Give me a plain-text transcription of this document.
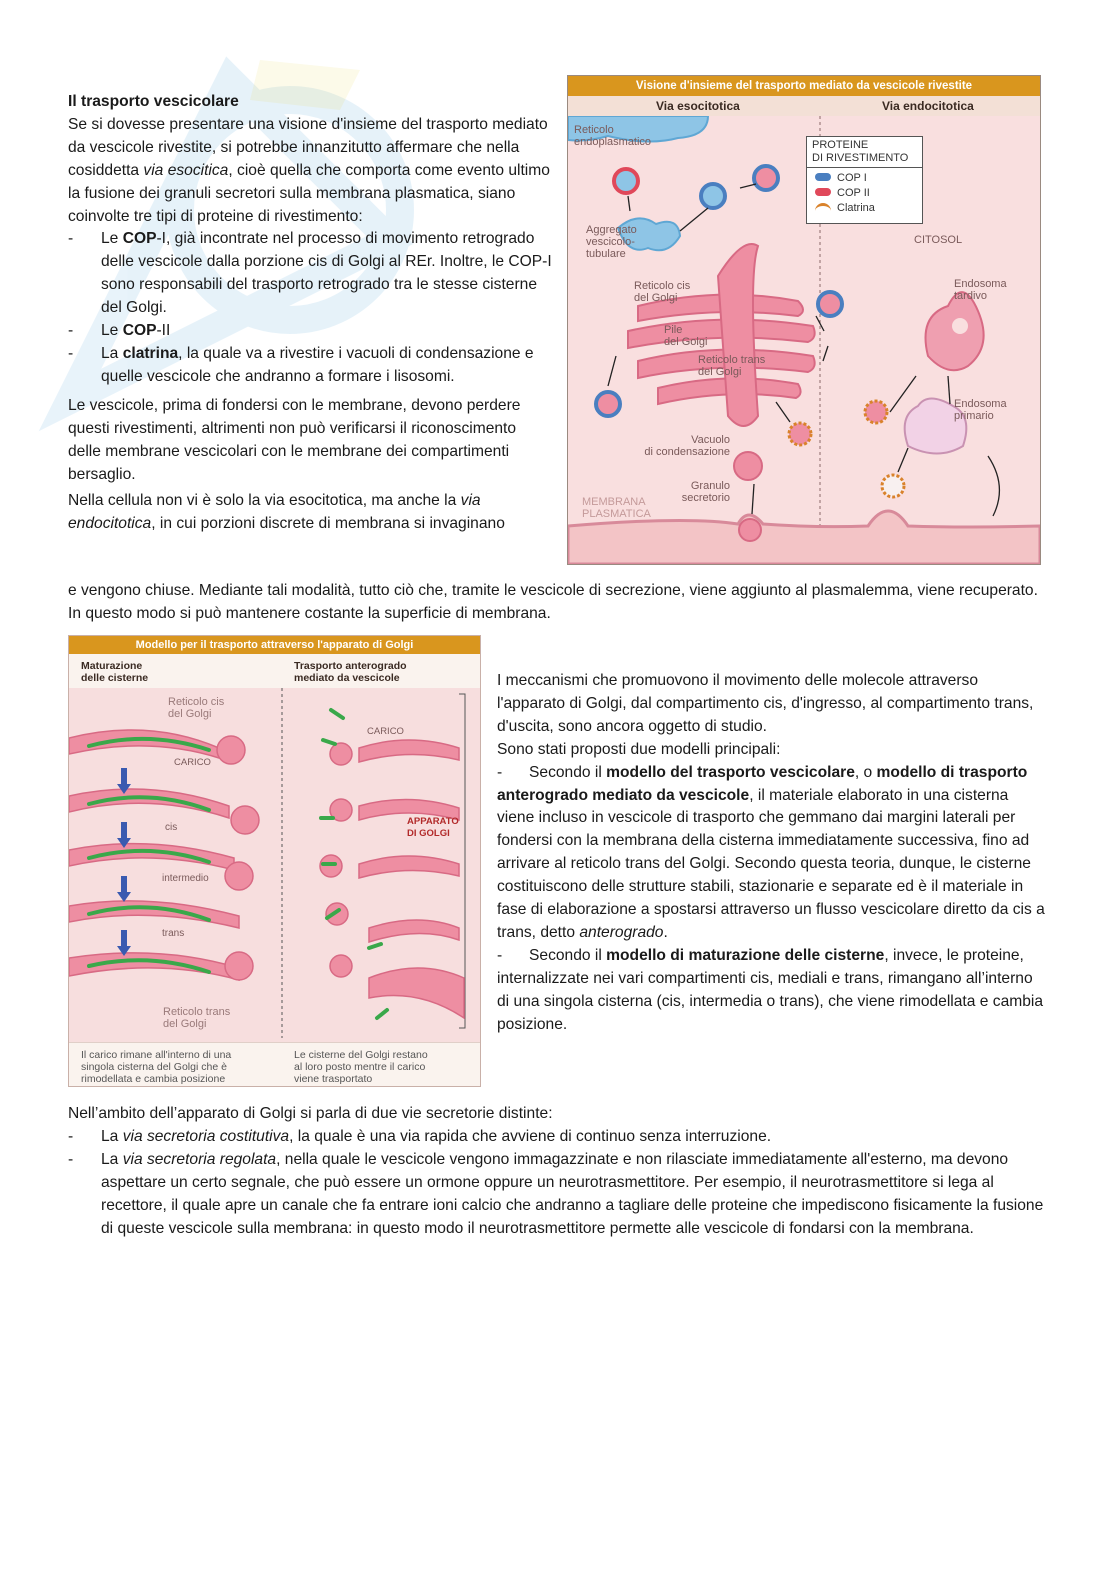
Il trasporto vescicolare

Se si dovesse presentare una visione d'insieme del trasporto mediato da vescicole rivestite, si potrebbe innanzitutto affermare che nella cosiddetta via esocitica, cioè quella che comporta come evento ultimo la fusione dei granuli secretori sulla membrana plasmatica, siano coinvolte tre tipi di proteine di rivestimento:

- Le COP-I, già incontrate nel processo di movimento retrogrado delle vescicole dalla porzione cis di Golgi al REr. Inoltre, le COP-I sono responsabili del trasporto retrogrado tra le stesse cisterne del Golgi.
- Le COP-II
- La clatrina, la quale va a rivestire i vacuoli di condensazione e quelle vescicole che andranno a formare i lisosomi.

Le vescicole, prima di fondersi con le membrane, devono perdere questi rivestimenti, altrimenti non può verificarsi il riconoscimento delle membrane vescicolari con le membrane dei compartimenti bersaglio.

Nella cellula non vi è solo la via esocitotica, ma anche la via endocitotica, in cui porzioni discrete di membrana si invaginano

e vengono chiuse. Mediante tali modalità, tutto ciò che, tramite le vescicole di secrezione, viene aggiunto al plasmalemma, viene recuperato. In questo modo si può mantenere costante la superficie di membrana.
Visione d'insieme del trasporto mediato da vescicole rivestite
Via esocitotica	Via endocitotica
PROTEINE
DI RIVESTIMENTO
COP I
COP II
Clatrina
Reticolo
endoplasmatico
Aggregato
vescicolo-
tubulare
Reticolo cis
del Golgi
Pile
del Golgi
Reticolo trans
del Golgi
Vacuolo
di condensazione
Granulo
secretorio
MEMBRANA
PLASMATICA
CITOSOL
Endosoma
tardivo
Endosoma
primario
Modello per il trasporto attraverso l'apparato di Golgi
Maturazione
delle cisterne
Trasporto anterogrado
mediato da vescicole
Reticolo cis
del Golgi
CARICO
cis
intermedio
trans
Reticolo trans
del Golgi
CARICO
APPARATO
DI GOLGI
Il carico rimane all'interno di una
singola cisterna del Golgi che è
rimodellata e cambia posizione
Le cisterne del Golgi restano
al loro posto mentre il carico
viene trasportato

I meccanismi che promuovono il movimento delle molecole attraverso l'apparato di Golgi, dal compartimento cis, d'ingresso, al compartimento trans, d'uscita, sono ancora oggetto di studio.

Sono stati proposti due modelli principali:

- Secondo il modello del trasporto vescicolare, o modello di trasporto anterogrado mediato da vescicole, il materiale elaborato in una cisterna viene incluso in vescicole di trasporto che gemmano dai margini laterali per fondersi con la membrana della cisterna immediatamente successiva, fino ad arrivare al reticolo trans del Golgi. Secondo questa teoria, dunque, le cisterne costituiscono delle strutture stabili, stazionarie e separate ed è il materiale in fase di elaborazione a spostarsi attraverso un flusso vescicolare diretto da cis a trans, detto anterogrado.
- Secondo il modello di maturazione delle cisterne, invece, le proteine, internalizzate nei vari compartimenti cis, mediali e trans, rimangano all’interno di una singola cisterna (cis, intermedia o trans), che viene rimodellata e cambia posizione.

Nell’ambito dell’apparato di Golgi si parla di due vie secretorie distinte:

- La via secretoria costitutiva, la quale è una via rapida che avviene di continuo senza interruzione.
- La via secretoria regolata, nella quale le vescicole vengono immagazzinate e non rilasciate immediatamente all'esterno, ma devono aspettare un certo segnale, che può essere un ormone oppure un neurotrasmettitore. Per esempio, il neurotrasmettitore si lega al recettore, il quale apre un canale che fa entrare ioni calcio che andranno a tagliare delle proteine che impediscono fisicamente la fusione di queste vescicole sulla membrana: in questo modo il neurotrasmettitore permette alle vescicole di fondarsi con la membrana.
